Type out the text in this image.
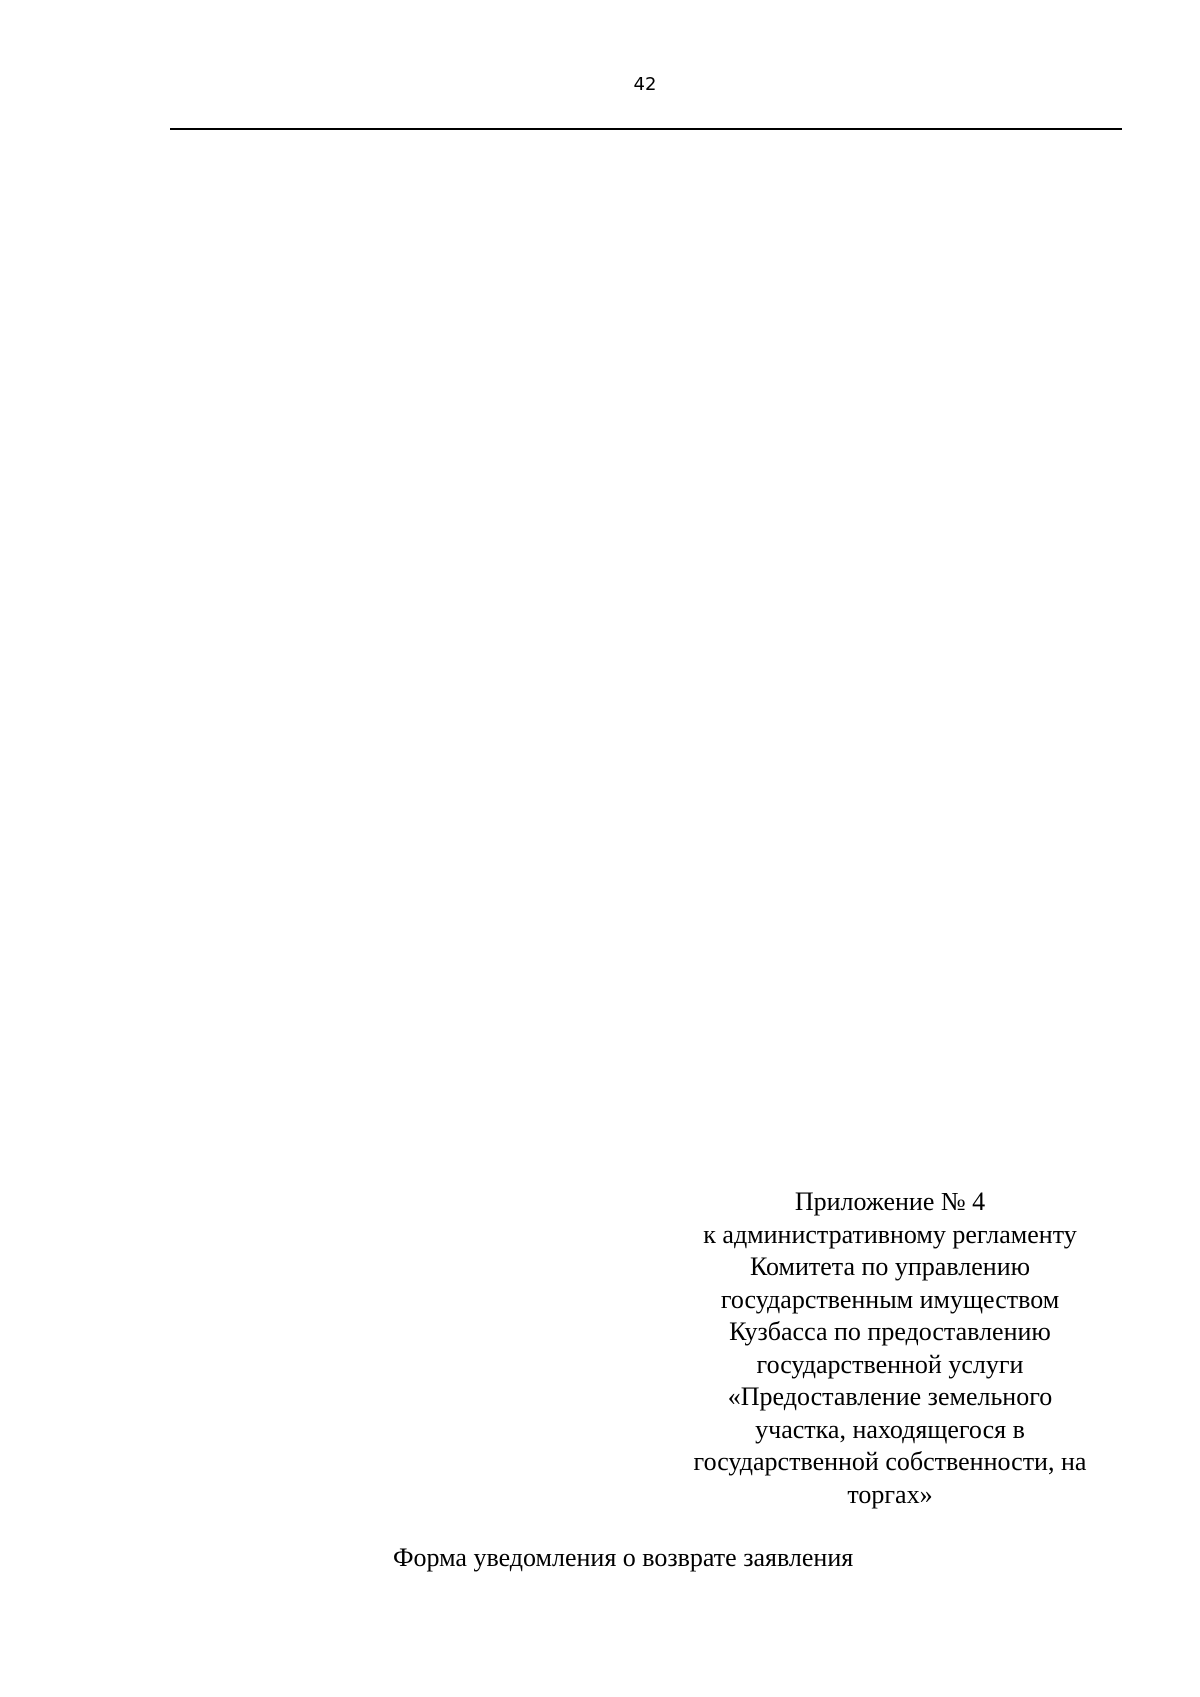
42
Приложение № 4
к административному регламенту
Комитета по управлению
государственным имуществом
Кузбасса по предоставлению
государственной услуги
«Предоставление земельного
участка, находящегося в
государственной собственности, на
торгах»
Форма уведомления о возврате заявления
